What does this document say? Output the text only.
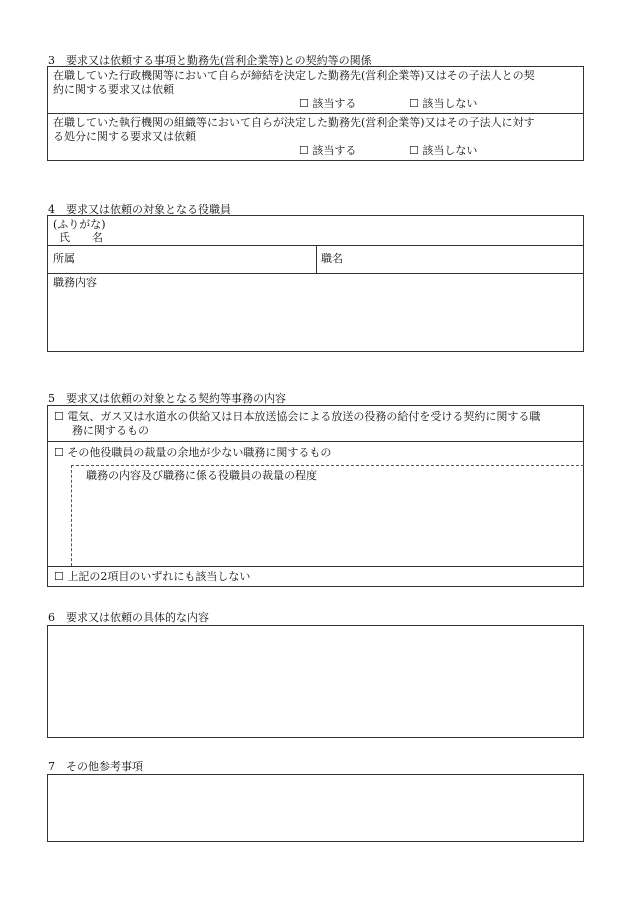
3　要求又は依頼する事項と勤務先(営利企業等)との契約等の関係
在職していた行政機関等において自らが締結を決定した勤務先(営利企業等)又はその子法人との契
約に関する要求又は依頼
☐ 該当する	☐ 該当しない
在職していた執行機関の組織等において自らが決定した勤務先(営利企業等)又はその子法人に対す
る処分に関する要求又は依頼
☐ 該当する	☐ 該当しない
4　要求又は依頼の対象となる役職員
(ふりがな)
氏　　名
所属	職名
職務内容
5　要求又は依頼の対象となる契約等事務の内容
☐ 電気、ガス又は水道水の供給又は日本放送協会による放送の役務の給付を受ける契約に関する職
務に関するもの
☐ その他役職員の裁量の余地が少ない職務に関するもの
職務の内容及び職務に係る役職員の裁量の程度
☐ 上記の2項目のいずれにも該当しない
6　要求又は依頼の具体的な内容
7　その他参考事項
